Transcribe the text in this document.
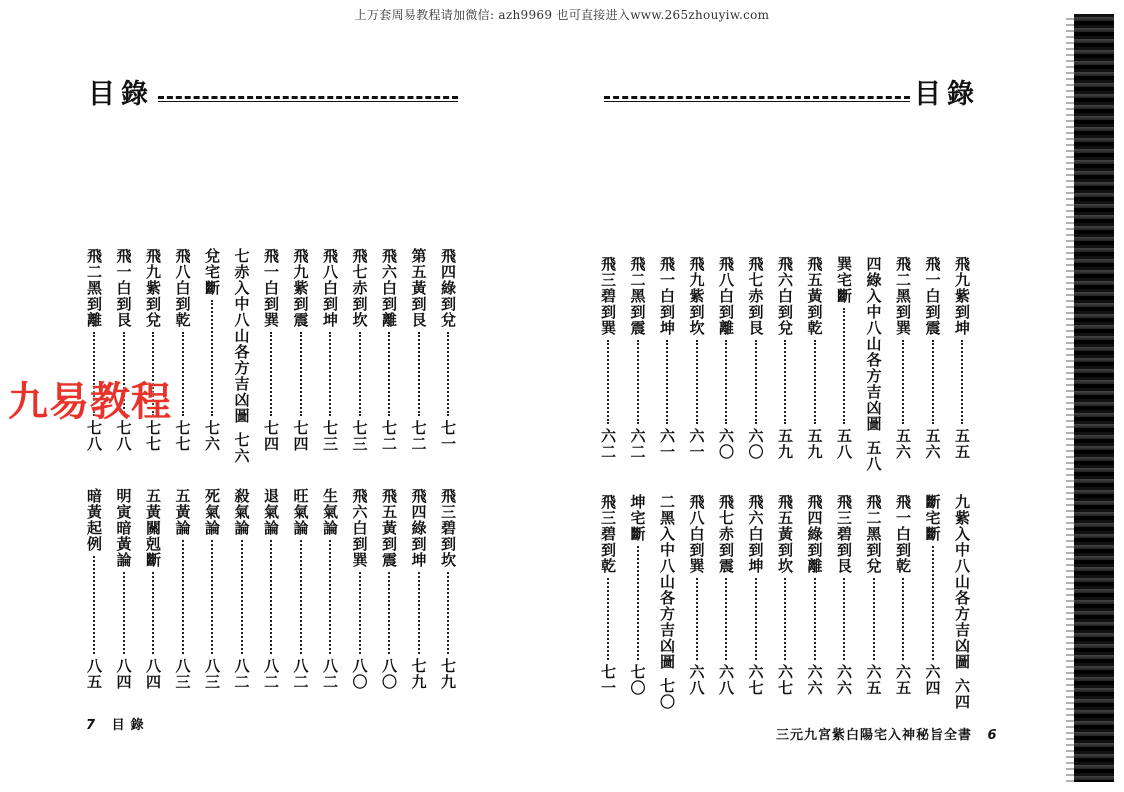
上万套周易教程请加微信: azh9969 也可直接进入www.265zhouyiw.com
目錄	目錄
飛四綠到兌
七一
第五黃到艮
七二
飛六白到離
七二
飛七赤到坎
七三
飛八白到坤
七三
飛九紫到震
七四
飛一白到巽
七四
七赤入中八山各方吉凶圖
七六
兌宅斷
七六
飛八白到乾
七七
飛九紫到兌
七七
飛一白到艮
七八
飛二黑到離
七八
飛三碧到坎
七九
飛四綠到坤
七九
飛五黃到震
八〇
飛六白到巽
八〇
生氣論
八二
旺氣論
八二
退氣論
八二
殺氣論
八二
死氣論
八三
五黃論
八三
五黃關剋斷
八四
明寅暗黃論
八四
暗黃起例
八五
飛九紫到坤
五五
飛一白到震
五六
飛二黑到巽
五六
四綠入中八山各方吉凶圖
五八
巽宅斷
五八
飛五黃到乾
五九
飛六白到兌
五九
飛七赤到艮
六〇
飛八白到離
六〇
飛九紫到坎
六一
飛一白到坤
六一
飛二黑到震
六二
飛三碧到巽
六二
九紫入中八山各方吉凶圖
六四
斷宅斷
六四
飛一白到乾
六五
飛二黑到兌
六五
飛三碧到艮
六六
飛四綠到離
六六
飛五黃到坎
六七
飛六白到坤
六七
飛七赤到震
六八
飛八白到巽
六八
二黑入中八山各方吉凶圖
七〇
坤宅斷
七〇
飛三碧到乾
七一
九易教程
7 目錄
三元九宮紫白陽宅入神秘旨全書 6
